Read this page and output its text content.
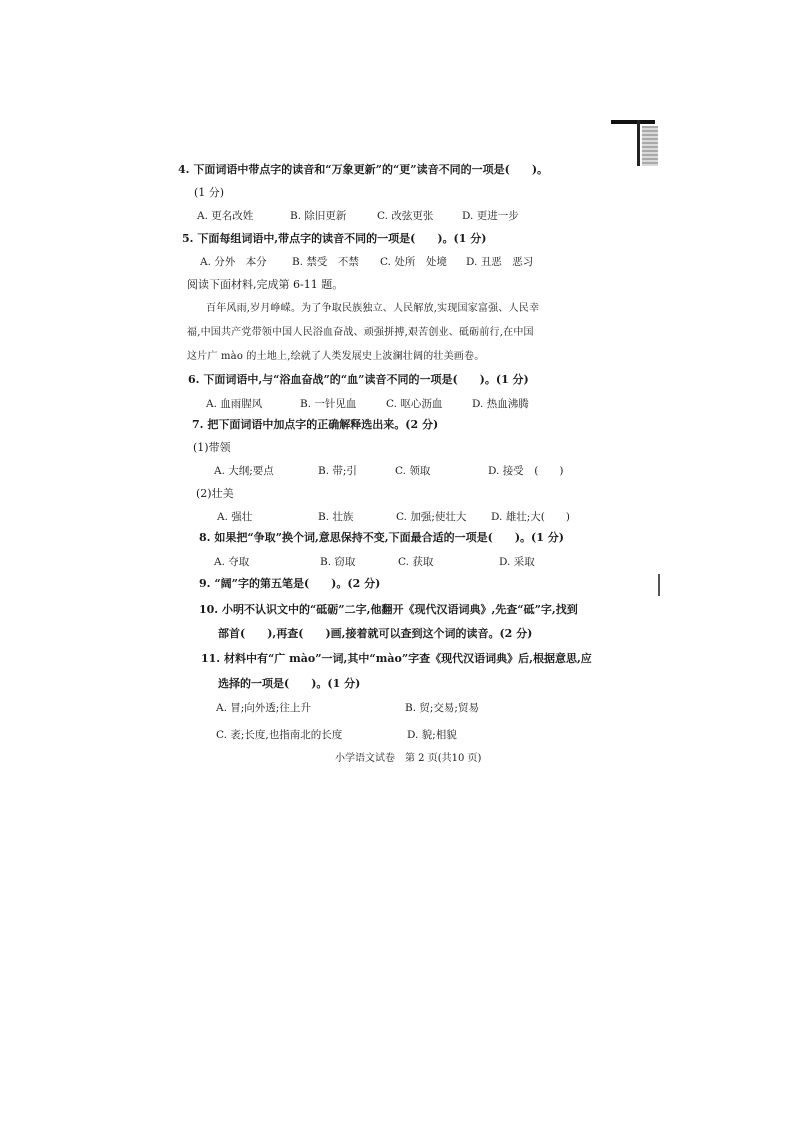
4. 下面词语中带点字的读音和“万象更新”的“更”读音不同的一项是(　　)。
(1 分)
A. 更名改姓	B. 除旧更新	C. 改弦更张	D. 更进一步
5. 下面每组词语中,带点字的读音不同的一项是(　　)。(1 分)
A. 分外　本分 B. 禁受　不禁 C. 处所　处境 D. 丑恶　恶习
阅读下面材料,完成第 6-11 题。
百年风雨,岁月峥嵘。为了争取民族独立、人民解放,实现国家富强、人民幸
福,中国共产党带领中国人民浴血奋战、顽强拼搏,艰苦创业、砥砺前行,在中国
这片广 mào 的土地上,绘就了人类发展史上波澜壮阔的壮美画卷。
6. 下面词语中,与“浴血奋战”的“血”读音不同的一项是(　　)。(1 分)
A. 血雨腥风	B. 一针见血	C. 呕心沥血	D. 热血沸腾
7. 把下面词语中加点字的正确解释选出来。(2 分)
(1)带领
A. 大纲;要点	B. 带;引	C. 领取	D. 接受　(　　)
(2)壮美
A. 强壮	B. 壮族	C. 加强;使壮大 D. 雄壮;大(　　)
8. 如果把“争取”换个词,意思保持不变,下面最合适的一项是(　　)。(1 分)
A. 夺取	B. 窃取	C. 获取	D. 采取
9. “阔”字的第五笔是(　　)。(2 分)
10. 小明不认识文中的“砥砺”二字,他翻开《现代汉语词典》,先查“砥”字,找到
部首(　　),再查(　　)画,接着就可以查到这个词的读音。(2 分)
11. 材料中有“广 mào”一词,其中“mào”字查《现代汉语词典》后,根据意思,应
选择的一项是(　　)。(1 分)
A. 冒;向外透;往上升	B. 贸;交易;贸易
C. 袤;长度,也指南北的长度	D. 貌;相貌
小学语文试卷　第 2 页(共10 页)
